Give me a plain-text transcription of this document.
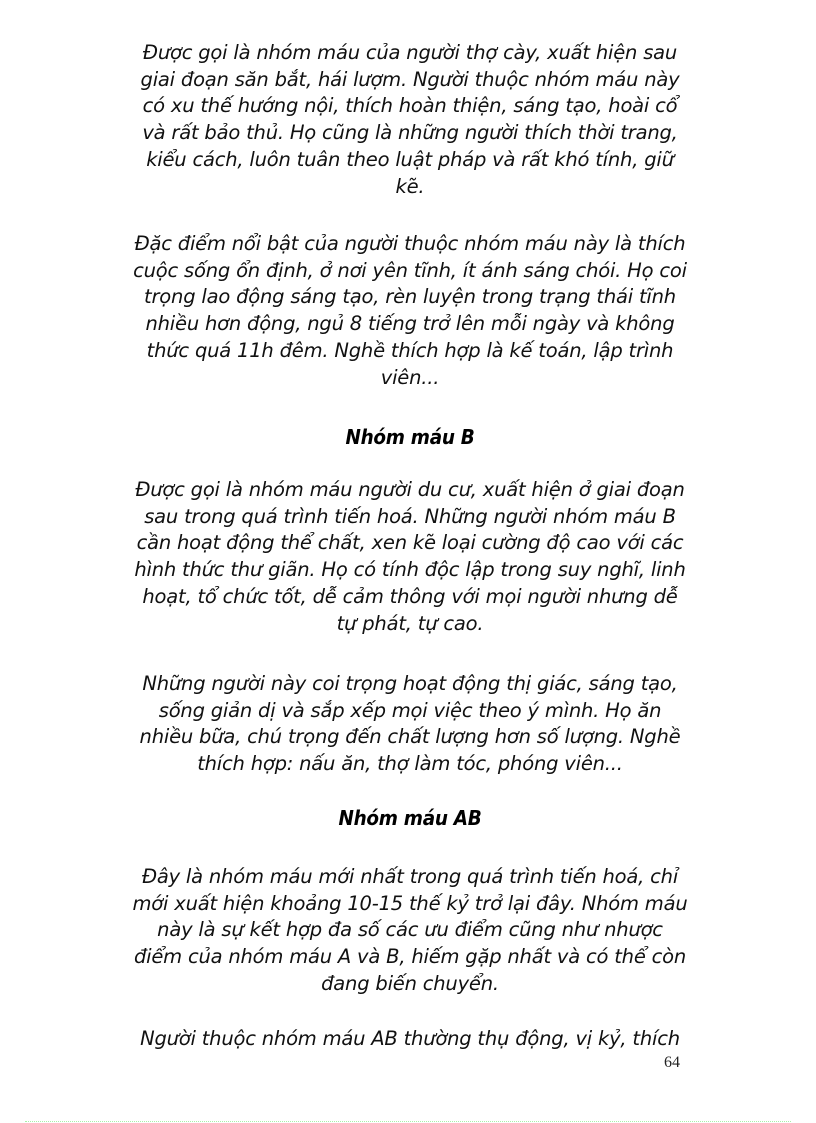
Được gọi là nhóm máu của người thợ cày, xuất hiện sau
giai đoạn săn bắt, hái lượm. Người thuộc nhóm máu này
có xu thế hướng nội, thích hoàn thiện, sáng tạo, hoài cổ
và rất bảo thủ. Họ cũng là những người thích thời trang,
kiểu cách, luôn tuân theo luật pháp và rất khó tính, giữ
kẽ.
Đặc điểm nổi bật của người thuộc nhóm máu này là thích
cuộc sống ổn định, ở nơi yên tĩnh, ít ánh sáng chói. Họ coi
trọng lao động sáng tạo, rèn luyện trong trạng thái tĩnh
nhiều hơn động, ngủ 8 tiếng trở lên mỗi ngày và không
thức quá 11h đêm. Nghề thích hợp là kế toán, lập trình
viên...
Nhóm máu B
Được gọi là nhóm máu người du cư, xuất hiện ở giai đoạn
sau trong quá trình tiến hoá. Những người nhóm máu B
cần hoạt động thể chất, xen kẽ loại cường độ cao với các
hình thức thư giãn. Họ có tính độc lập trong suy nghĩ, linh
hoạt, tổ chức tốt, dễ cảm thông với mọi người nhưng dễ
tự phát, tự cao.
Những người này coi trọng hoạt động thị giác, sáng tạo,
sống giản dị và sắp xếp mọi việc theo ý mình. Họ ăn
nhiều bữa, chú trọng đến chất lượng hơn số lượng. Nghề
thích hợp: nấu ăn, thợ làm tóc, phóng viên...
Nhóm máu AB
Đây là nhóm máu mới nhất trong quá trình tiến hoá, chỉ
mới xuất hiện khoảng 10-15 thế kỷ trở lại đây. Nhóm máu
này là sự kết hợp đa số các ưu điểm cũng như nhược
điểm của nhóm máu A và B, hiếm gặp nhất và có thể còn
đang biến chuyển.
Người thuộc nhóm máu AB thường thụ động, vị kỷ, thích
64
